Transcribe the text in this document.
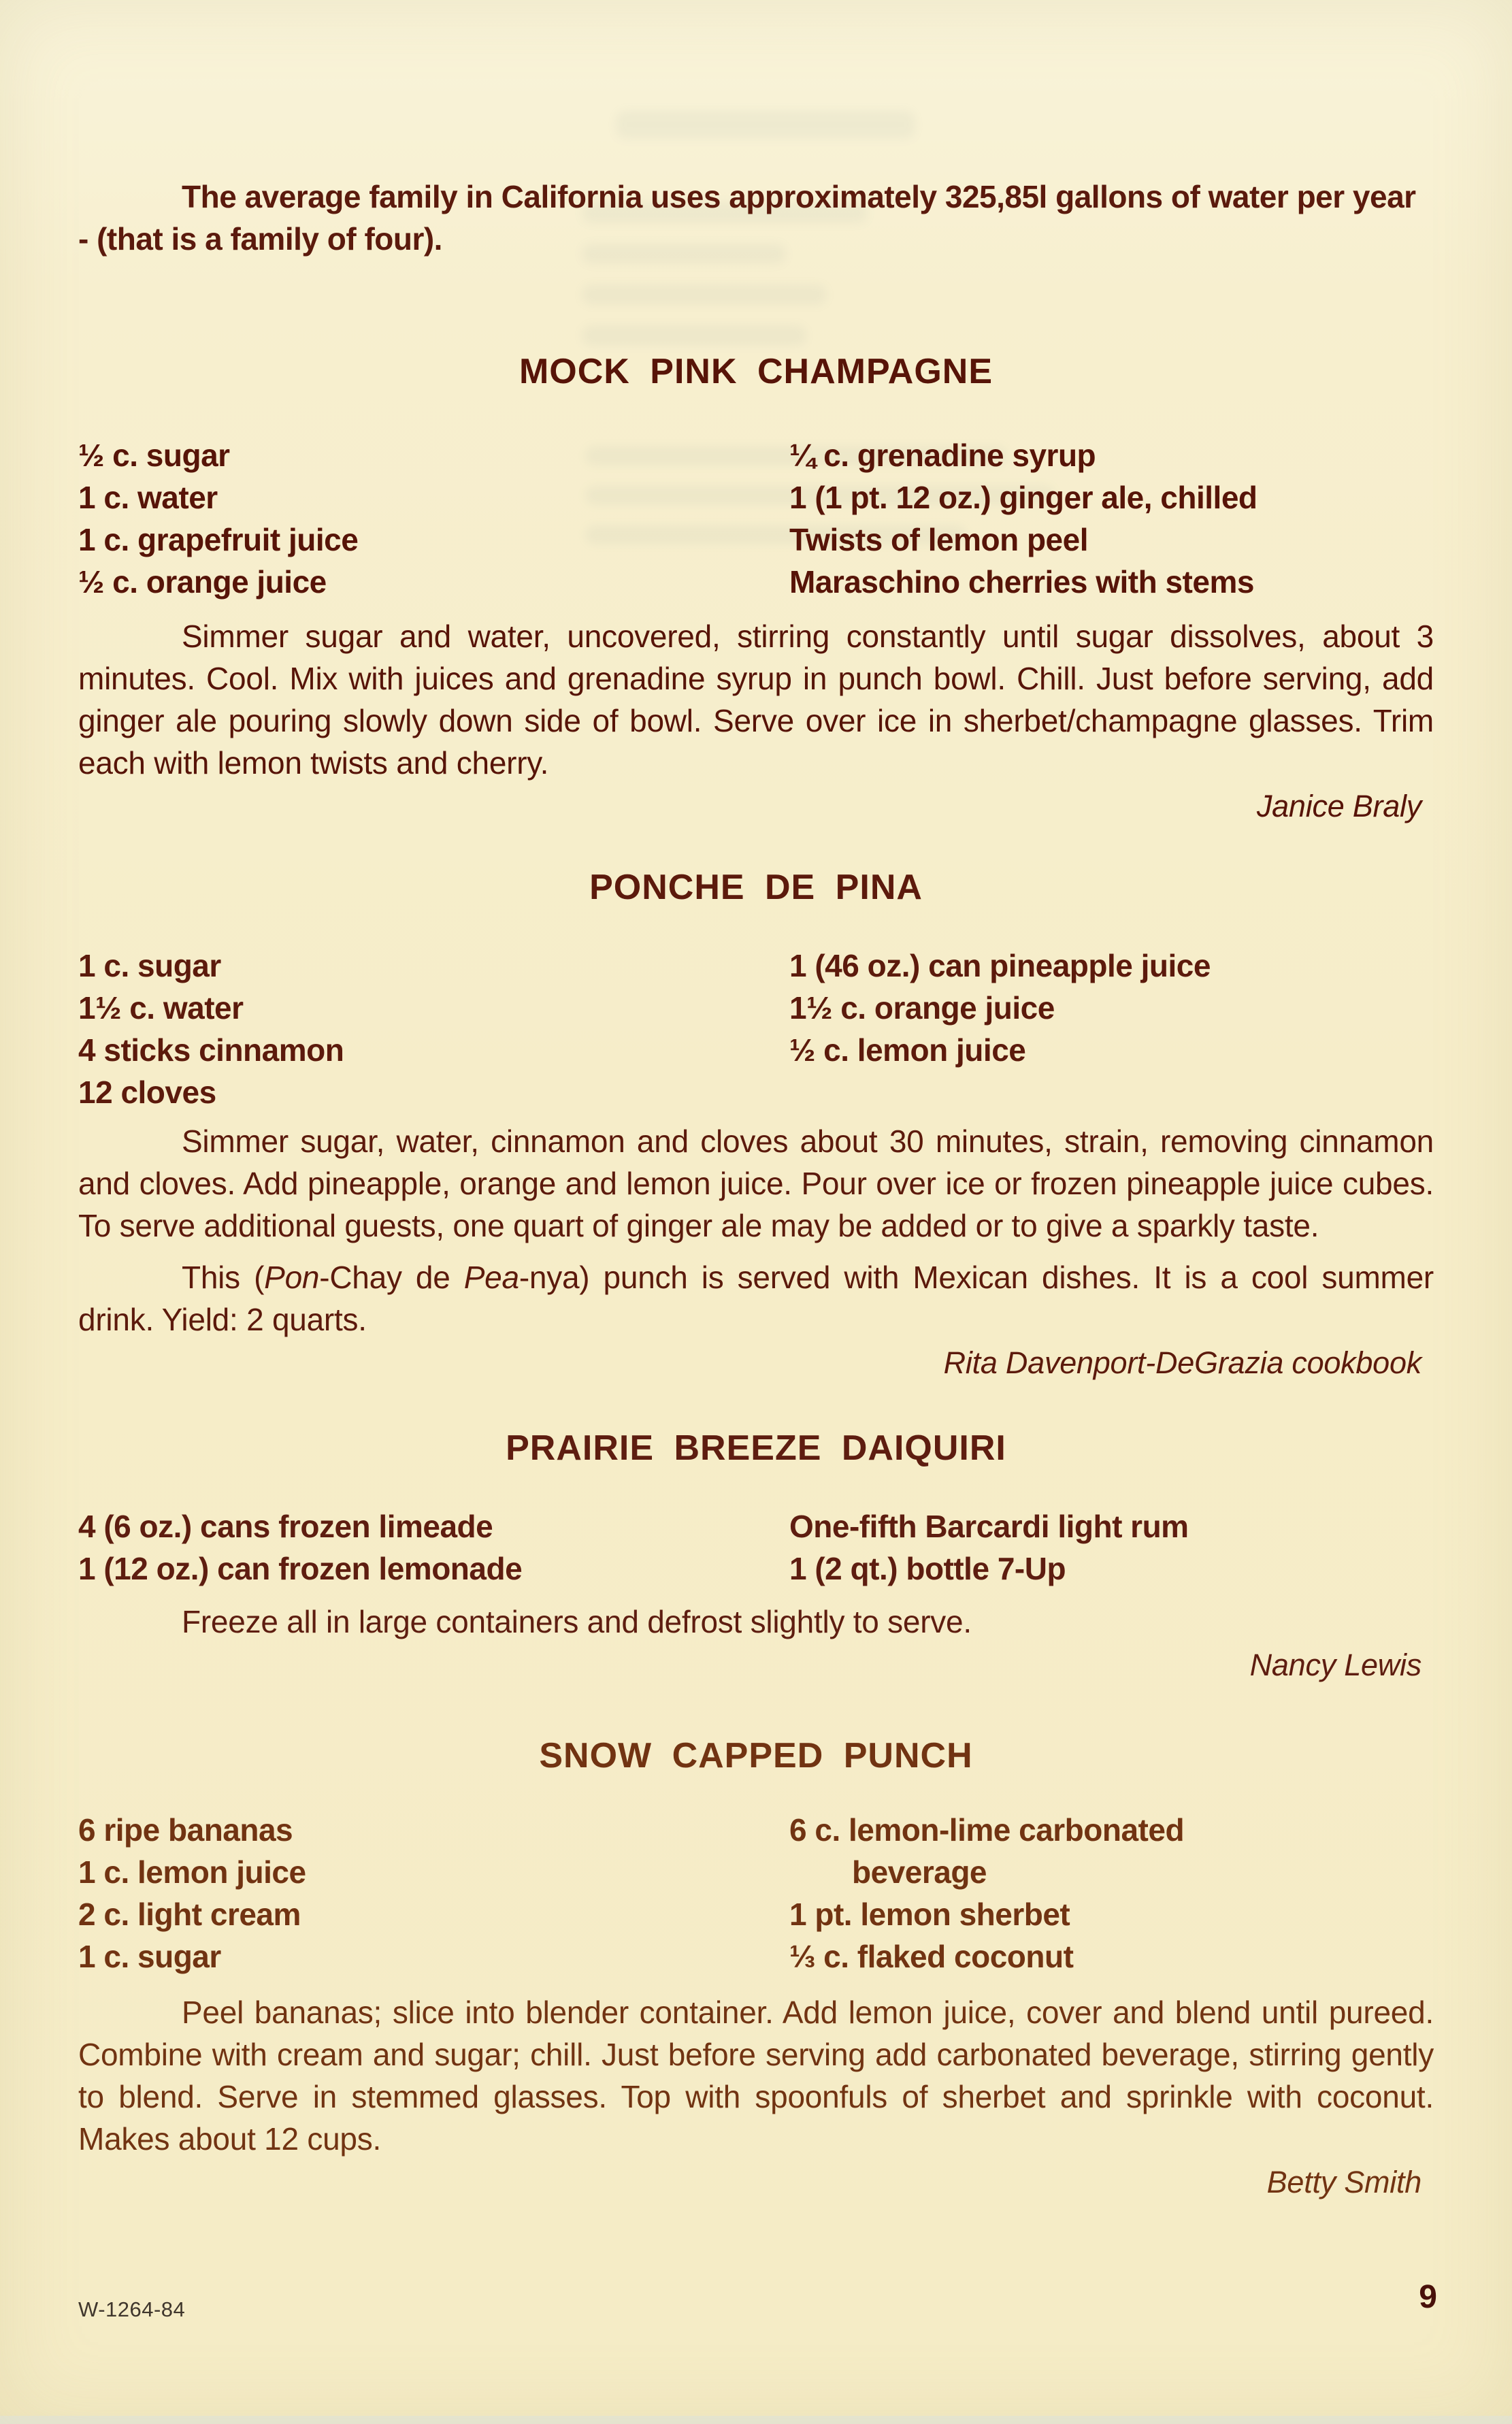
The average family in California uses approximately 325,85l gallons of water per year - (that is a family of four).

MOCK PINK CHAMPAGNE
½ c. sugar
1 c. water
1 c. grapefruit juice
½ c. orange juice
¼ c. grenadine syrup
1 (1 pt. 12 oz.) ginger ale, chilled
Twists of lemon peel
Maraschino cherries with stems

Simmer sugar and water, uncovered, stirring constantly until sugar dissolves, about 3 minutes. Cool. Mix with juices and grenadine syrup in punch bowl. Chill. Just before serving, add ginger ale pouring slowly down side of bowl. Serve over ice in sherbet/champagne glasses. Trim each with lemon twists and cherry.

Janice Braly
PONCHE DE PINA
1 c. sugar
1½ c. water
4 sticks cinnamon
12 cloves
1 (46 oz.) can pineapple juice
1½ c. orange juice
½ c. lemon juice

Simmer sugar, water, cinnamon and cloves about 30 minutes, strain, removing cinnamon and cloves. Add pineapple, orange and lemon juice. Pour over ice or frozen pineapple juice cubes. To serve additional guests, one quart of ginger ale may be added or to give a sparkly taste.

This (Pon-Chay de Pea-nya) punch is served with Mexican dishes. It is a cool summer drink. Yield: 2 quarts.

Rita Davenport-DeGrazia cookbook
PRAIRIE BREEZE DAIQUIRI
4 (6 oz.) cans frozen limeade
1 (12 oz.) can frozen lemonade
One-fifth Barcardi light rum
1 (2 qt.) bottle 7-Up

Freeze all in large containers and defrost slightly to serve.

Nancy Lewis
SNOW CAPPED PUNCH
6 ripe bananas
1 c. lemon juice
2 c. light cream
1 c. sugar
6 c. lemon-lime carbonated
beverage
1 pt. lemon sherbet
⅓ c. flaked coconut

Peel bananas; slice into blender container. Add lemon juice, cover and blend until pureed. Combine with cream and sugar; chill. Just before serving add carbonated beverage, stirring gently to blend. Serve in stemmed glasses. Top with spoonfuls of sherbet and sprinkle with coconut. Makes about 12 cups.

Betty Smith
W-1264-84	9
